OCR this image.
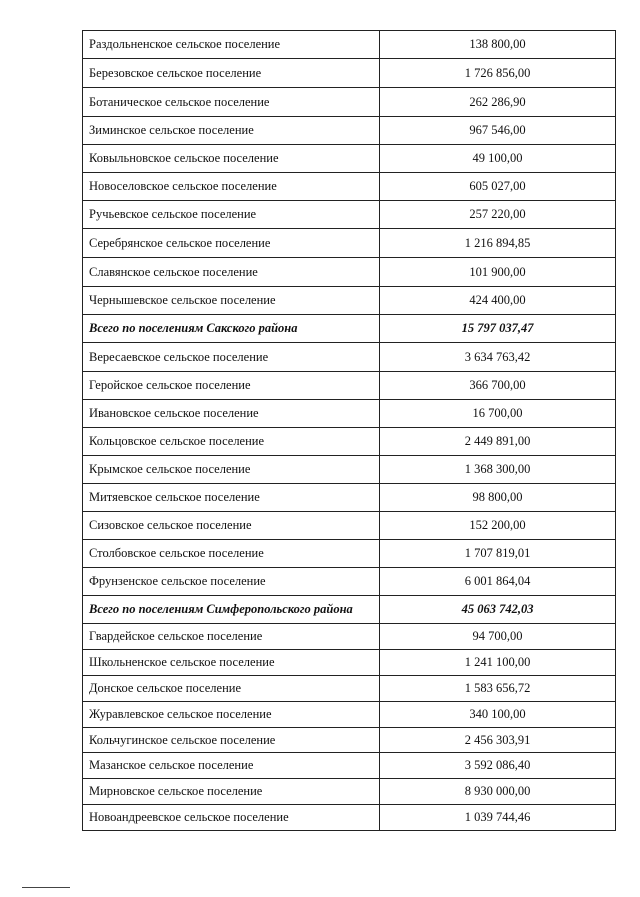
Раздольненское сельское поселение	138 800,00
Березовское сельское поселение	1 726 856,00
Ботаническое сельское поселение	262 286,90
Зиминское сельское поселение	967 546,00
Ковыльновское сельское поселение	49 100,00
Новоселовское сельское поселение	605 027,00
Ручьевское сельское поселение	257 220,00
Серебрянское сельское поселение	1 216 894,85
Славянское сельское поселение	101 900,00
Чернышевское сельское поселение	424 400,00
Всего по поселениям Сакского района	15 797 037,47
Вересаевское сельское поселение	3 634 763,42
Геройское сельское поселение	366 700,00
Ивановское сельское поселение	16 700,00
Кольцовское сельское поселение	2 449 891,00
Крымское сельское поселение	1 368 300,00
Митяевское сельское поселение	98 800,00
Сизовское сельское поселение	152 200,00
Столбовское сельское поселение	1 707 819,01
Фрунзенское сельское поселение	6 001 864,04
Всего по поселениям Симферопольского района	45 063 742,03
Гвардейское сельское поселение	94 700,00
Школьненское сельское поселение	1 241 100,00
Донское сельское поселение	1 583 656,72
Журавлевское сельское поселение	340 100,00
Кольчугинское сельское поселение	2 456 303,91
Мазанское сельское поселение	3 592 086,40
Мирновское сельское поселение	8 930 000,00
Новоандреевское сельское поселение	1 039 744,46
